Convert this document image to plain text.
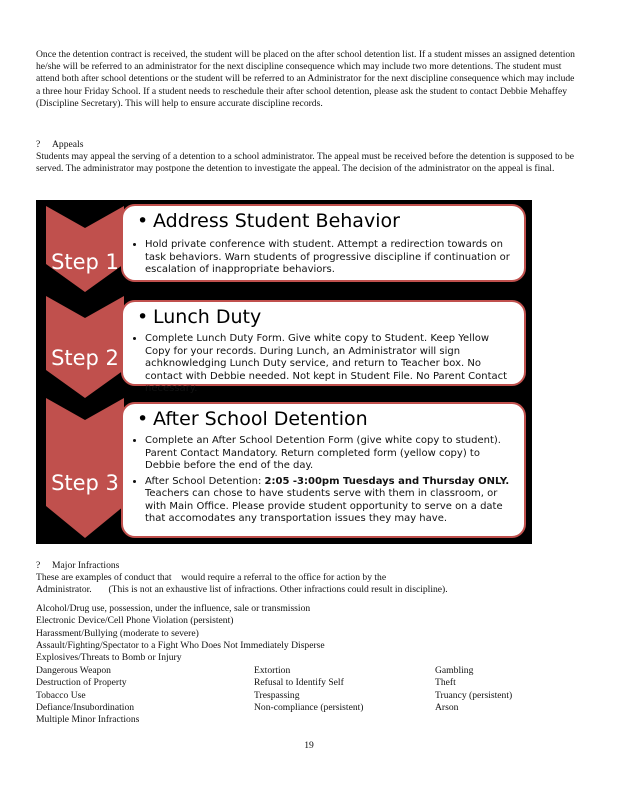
Once the detention contract is received, the student will be placed on the after school detention list. If a student misses an assigned detention he/she will be referred to an administrator for the next discipline consequence which may include two more detentions. The student must attend both after school detentions or the student will be referred to an Administrator for the next discipline consequence which may include a three hour Friday School. If a student needs to reschedule their after school detention, please ask the student to contact Debbie Mehaffey (Discipline Secretary). This will help to ensure accurate discipline records.

? Appeals

Students may appeal the serving of a detention to a school administrator. The appeal must be received before the detention is supposed to be served. The administrator may postpone the detention to investigate the appeal. The decision of the administrator on the appeal is final.

Step 1
• Address Student Behavior
• Hold private conference with student. Attempt a redirection towards on task behaviors. Warn students of progressive discipline if continuation or escalation of inappropriate behaviors.
Step 2
• Lunch Duty
• Complete Lunch Duty Form. Give white copy to Student. Keep Yellow Copy for your records. During Lunch, an Administrator will sign achknowledging Lunch Duty service, and return to Teacher box. No contact with Debbie needed. Not kept in Student File. No Parent Contact necessary.
Step 3
• After School Detention
• Complete an After School Detention Form (give white copy to student). Parent Contact Mandatory. Return completed form (yellow copy) to Debbie before the end of the day.
• After School Detention: 2:05 -3:00pm Tuesdays and Thursday ONLY. Teachers can chose to have students serve with them in classroom, or with Main Office. Please provide student opportunity to serve on a date that accomodates any transportation issues they may have.
? Major Infractions
These are examples of conduct that    would require a referral to the office for action by the
Administrator.       (This is not an exhaustive list of infractions. Other infractions could result in discipline).
Alcohol/Drug use, possession, under the influence, sale or transmission
Electronic Device/Cell Phone Violation (persistent)
Harassment/Bullying (moderate to severe)
Assault/Fighting/Spectator to a Fight Who Does Not Immediately Disperse
Explosives/Threats to Bomb or Injury
Dangerous Weapon
Destruction of Property
Tobacco Use
Defiance/Insubordination
Multiple Minor Infractions
Extortion
Refusal to Identify Self
Trespassing
Non-compliance (persistent)
Gambling
Theft
Truancy (persistent)
Arson
19
